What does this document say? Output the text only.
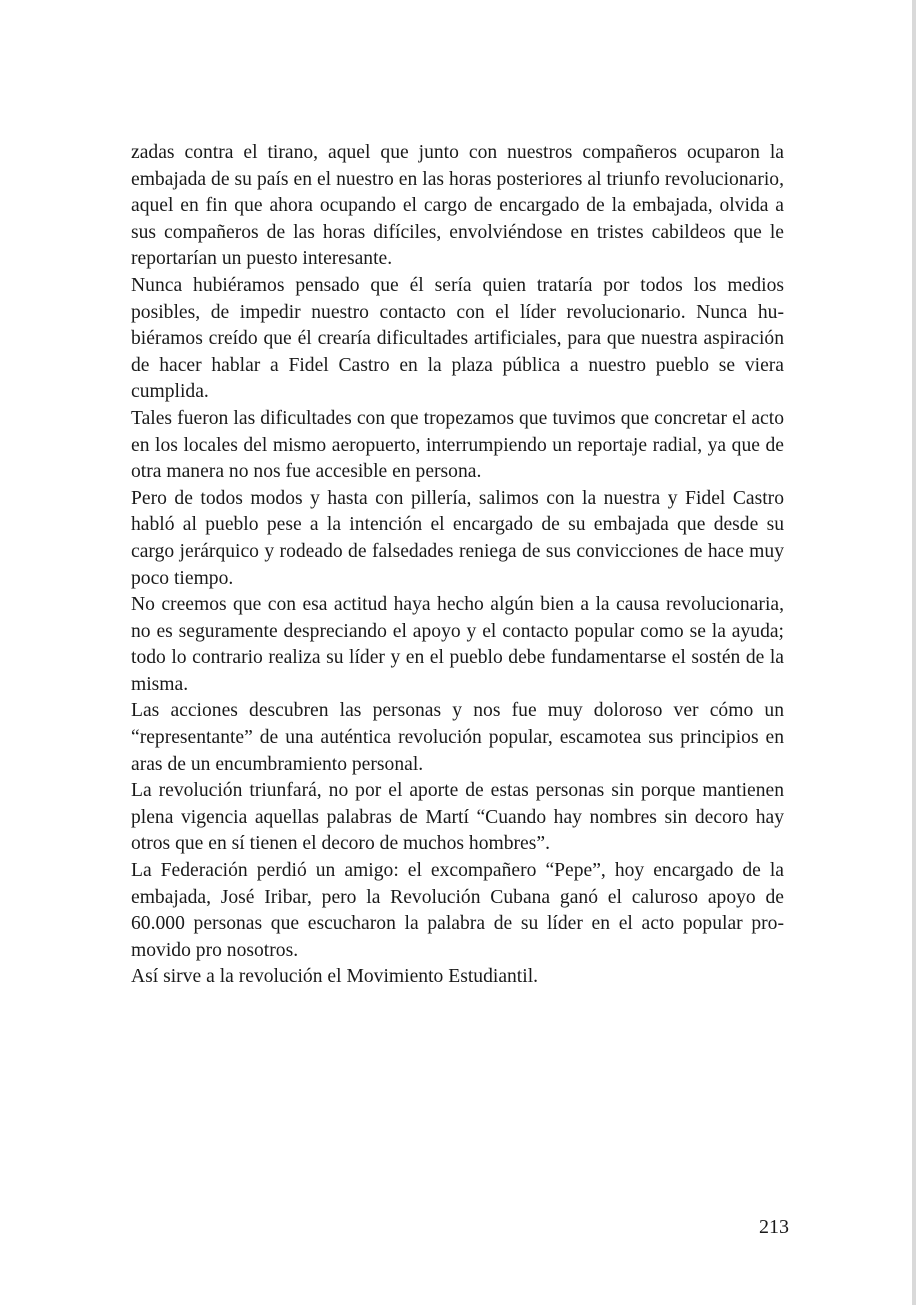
zadas contra el tirano, aquel que junto con nuestros compañeros ocuparon la embajada de su país en el nuestro en las horas posteriores al triunfo revolucionario, aquel en fin que ahora ocupando el cargo de encargado de la embajada, olvida a sus compañeros de las horas difíciles, envolviéndose en tristes cabildeos que le reportarían un puesto interesante.

Nunca hubiéramos pensado que él sería quien trataría por todos los medios posibles, de impedir nuestro contacto con el líder revolucionario. Nunca hubiéramos creído que él crearía dificultades artificiales, para que nuestra aspiración de hacer hablar a Fidel Castro en la plaza pública a nuestro pueblo se viera cumplida.

Tales fueron las dificultades con que tropezamos que tuvimos que concretar el acto en los locales del mismo aeropuerto, interrumpiendo un reportaje radial, ya que de otra manera no nos fue accesible en persona.

Pero de todos modos y hasta con pillería, salimos con la nuestra y Fidel Castro habló al pueblo pese a la intención el encargado de su embajada que desde su cargo jerárquico y rodeado de falsedades reniega de sus convicciones de hace muy poco tiempo.

No creemos que con esa actitud haya hecho algún bien a la causa revolucionaria, no es seguramente despreciando el apoyo y el contacto popular como se la ayuda; todo lo contrario realiza su líder y en el pueblo debe fundamentarse el sostén de la misma.

Las acciones descubren las personas y nos fue muy doloroso ver cómo un “representante” de una auténtica revolución popular, escamotea sus principios en aras de un encumbramiento personal.

La revolución triunfará, no por el aporte de estas personas sin porque mantienen plena vigencia aquellas palabras de Martí “Cuando hay nombres sin decoro hay otros que en sí tienen el decoro de muchos hombres”.

La Federación perdió un amigo: el excompañero “Pepe”, hoy encargado de la embajada, José Iribar, pero la Revolución Cubana ganó el caluroso apoyo de 60.000 personas que escucharon la palabra de su líder en el acto popular promovido pro nosotros.

Así sirve a la revolución el Movimiento Estudiantil.

213
